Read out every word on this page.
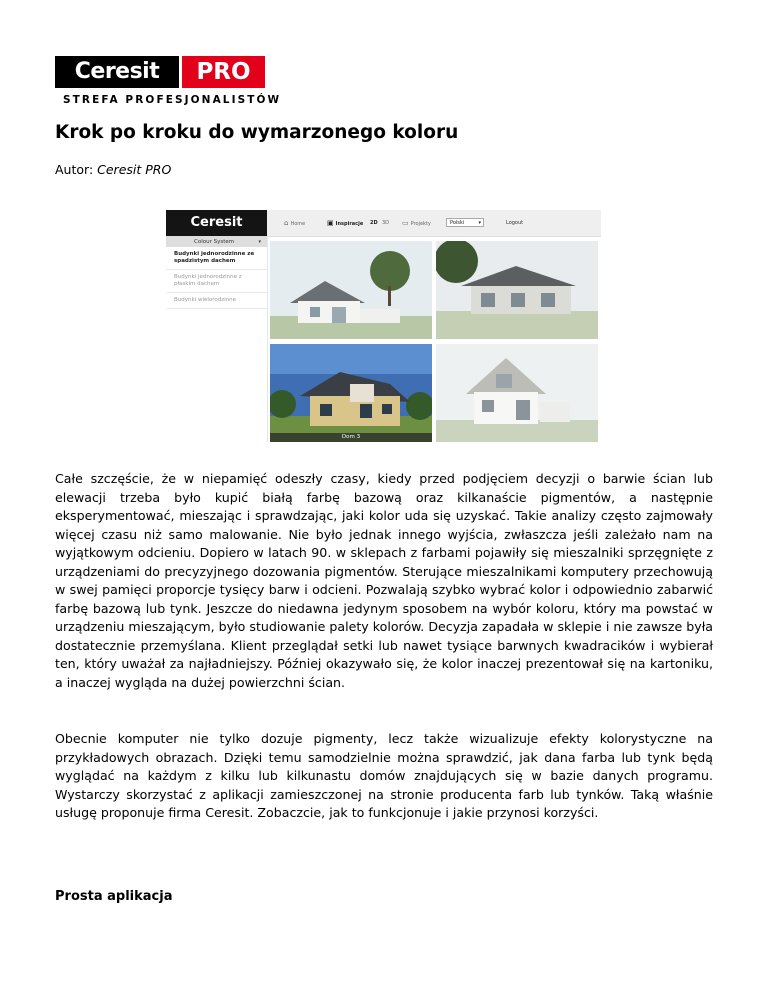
Ceresit	PRO
STREFA PROFESJONALISTÓW
Krok po kroku do wymarzonego koloru
Autor: Ceresit PRO
Ceresit	⌂ Home	▣ Inspiracje 2D 3D ▭ Projekty	Polski	▾	Logout
Colour System	▾
Budynki jednorodzinne ze spadzistym dachem
Budynki jednorodzinne z płaskim dachem
Budynki wielorodzinne
Dom 3

Całe szczęście, że w niepamięć odeszły czasy, kiedy przed podjęciem decyzji o barwie ścian lub elewacji trzeba było kupić białą farbę bazową oraz kilkanaście pigmentów, a następnie eksperymentować, mieszając i sprawdzając, jaki kolor uda się uzyskać. Takie analizy często zajmowały więcej czasu niż samo malowanie. Nie było jednak innego wyjścia, zwłaszcza jeśli zależało nam na wyjątkowym odcieniu. Dopiero w latach 90. w sklepach z farbami pojawiły się mieszalniki sprzęgnięte z urządzeniami do precyzyjnego dozowania pigmentów. Sterujące mieszalnikami komputery przechowują w swej pamięci proporcje tysięcy barw i odcieni. Pozwalają szybko wybrać kolor i odpowiednio zabarwić farbę bazową lub tynk. Jeszcze do niedawna jedynym sposobem na wybór koloru, który ma powstać w urządzeniu mieszającym, było studiowanie palety kolorów. Decyzja zapadała w sklepie i nie zawsze była dostatecznie przemyślana. Klient przeglądał setki lub nawet tysiące barwnych kwadracików i wybierał ten, który uważał za najładniejszy. Później okazywało się, że kolor inaczej prezentował się na kartoniku, a inaczej wygląda na dużej powierzchni ścian.

Obecnie komputer nie tylko dozuje pigmenty, lecz także wizualizuje efekty kolorystyczne na przykładowych obrazach. Dzięki temu samodzielnie można sprawdzić, jak dana farba lub tynk będą wyglądać na każdym z kilku lub kilkunastu domów znajdujących się w bazie danych programu. Wystarczy skorzystać z aplikacji zamieszczonej na stronie producenta farb lub tynków. Taką właśnie usługę proponuje firma Ceresit. Zobaczcie, jak to funkcjonuje i jakie przynosi korzyści.

Prosta aplikacja
